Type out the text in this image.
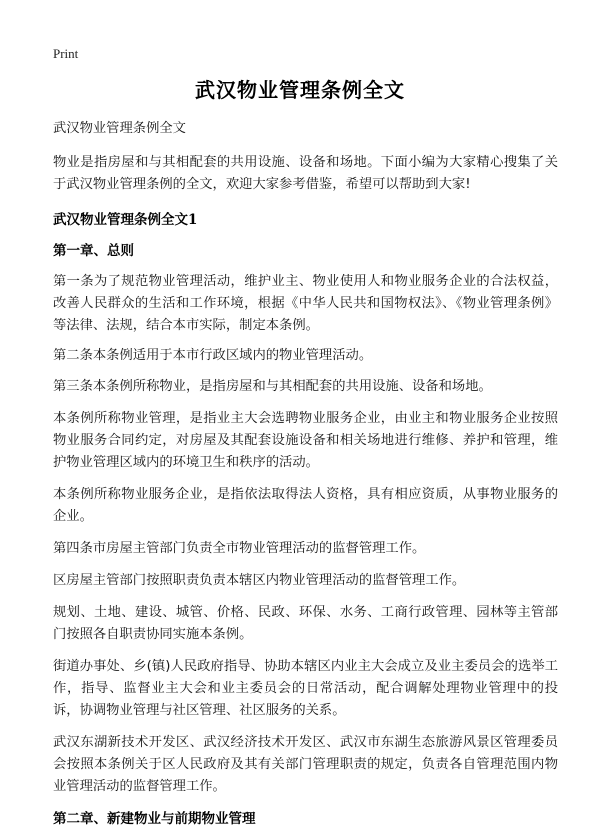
Print
武汉物业管理条例全文

武汉物业管理条例全文

物业是指房屋和与其相配套的共用设施、设备和场地。下面小编为大家精心搜集了关于武汉物业管理条例的全文，欢迎大家参考借鉴，希望可以帮助到大家!

武汉物业管理条例全文1

第一章、总则

第一条为了规范物业管理活动，维护业主、物业使用人和物业服务企业的合法权益，改善人民群众的生活和工作环境，根据《中华人民共和国物权法》、《物业管理条例》等法律、法规，结合本市实际，制定本条例。

第二条本条例适用于本市行政区域内的物业管理活动。

第三条本条例所称物业，是指房屋和与其相配套的共用设施、设备和场地。

本条例所称物业管理，是指业主大会选聘物业服务企业，由业主和物业服务企业按照物业服务合同约定，对房屋及其配套设施设备和相关场地进行维修、养护和管理，维护物业管理区域内的环境卫生和秩序的活动。

本条例所称物业服务企业，是指依法取得法人资格，具有相应资质，从事物业服务的企业。

第四条市房屋主管部门负责全市物业管理活动的监督管理工作。

区房屋主管部门按照职责负责本辖区内物业管理活动的监督管理工作。

规划、土地、建设、城管、价格、民政、环保、水务、工商行政管理、园林等主管部门按照各自职责协同实施本条例。

街道办事处、乡(镇)人民政府指导、协助本辖区内业主大会成立及业主委员会的选举工作，指导、监督业主大会和业主委员会的日常活动，配合调解处理物业管理中的投诉，协调物业管理与社区管理、社区服务的关系。

武汉东湖新技术开发区、武汉经济技术开发区、武汉市东湖生态旅游风景区管理委员会按照本条例关于区人民政府及其有关部门管理职责的规定，负责各自管理范围内物业管理活动的监督管理工作。

第二章、新建物业与前期物业管理
